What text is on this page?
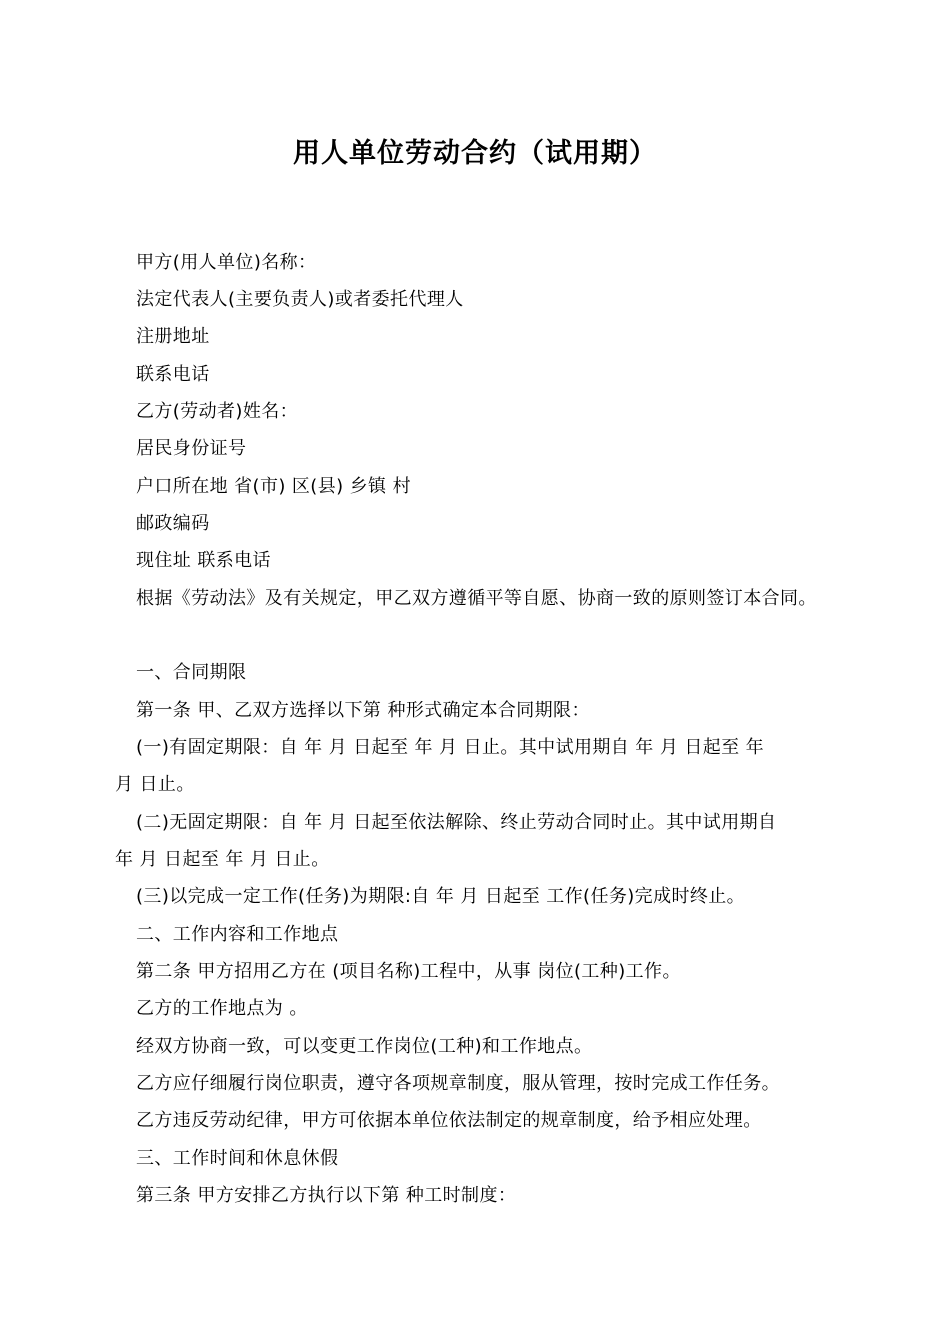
用人单位劳动合约（试用期）
甲方(用人单位)名称：
法定代表人(主要负责人)或者委托代理人
注册地址
联系电话
乙方(劳动者)姓名：
居民身份证号
户口所在地 省(市) 区(县) 乡镇 村
邮政编码
现住址 联系电话
根据《劳动法》及有关规定，甲乙双方遵循平等自愿、协商一致的原则签订本合同。
一、合同期限
第一条 甲、乙双方选择以下第 种形式确定本合同期限：
(一)有固定期限：自 年 月 日起至 年 月 日止。其中试用期自 年 月 日起至 年
月 日止。
(二)无固定期限：自 年 月 日起至依法解除、终止劳动合同时止。其中试用期自
年 月 日起至 年 月 日止。
(三)以完成一定工作(任务)为期限:自 年 月 日起至 工作(任务)完成时终止。
二、工作内容和工作地点
第二条 甲方招用乙方在 (项目名称)工程中，从事 岗位(工种)工作。
乙方的工作地点为 。
经双方协商一致，可以变更工作岗位(工种)和工作地点。
乙方应仔细履行岗位职责，遵守各项规章制度，服从管理，按时完成工作任务。
乙方违反劳动纪律，甲方可依据本单位依法制定的规章制度，给予相应处理。
三、工作时间和休息休假
第三条 甲方安排乙方执行以下第 种工时制度：
